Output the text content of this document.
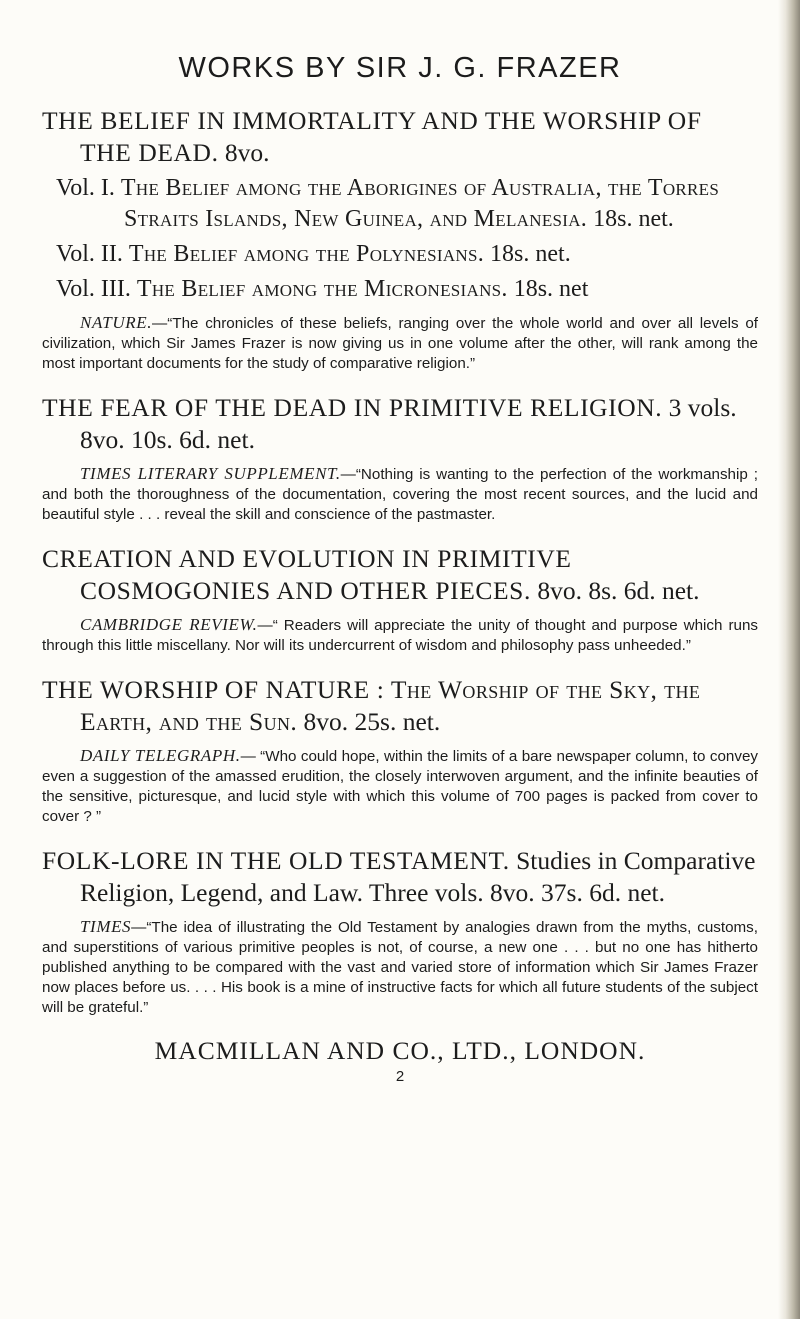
WORKS BY SIR J. G. FRAZER

THE BELIEF IN IMMORTALITY AND THE WORSHIP OF THE DEAD. 8vo.

Vol. I. The Belief among the Aborigines of Australia, the Torres Straits Islands, New Guinea, and Melanesia. 18s. net.

Vol. II. The Belief among the Polynesians. 18s. net.

Vol. III. The Belief among the Micronesians. 18s. net

NATURE.—“The chronicles of these beliefs, ranging over the whole world and over all levels of civilization, which Sir James Frazer is now giving us in one volume after the other, will rank among the most important documents for the study of comparative religion.”

THE FEAR OF THE DEAD IN PRIMITIVE RELIGION. 3 vols. 8vo. 10s. 6d. net.

TIMES LITERARY SUPPLEMENT.—“Nothing is wanting to the perfection of the workmanship ; and both the thoroughness of the documentation, covering the most recent sources, and the lucid and beautiful style . . . reveal the skill and conscience of the pastmaster.

CREATION AND EVOLUTION IN PRIMITIVE COSMOGONIES AND OTHER PIECES. 8vo. 8s. 6d. net.

CAMBRIDGE REVIEW.—“ Readers will appreciate the unity of thought and purpose which runs through this little miscellany. Nor will its undercurrent of wisdom and philosophy pass unheeded.”

THE WORSHIP OF NATURE : The Worship of the Sky, the Earth, and the Sun. 8vo. 25s. net.

DAILY TELEGRAPH.— “Who could hope, within the limits of a bare newspaper column, to convey even a suggestion of the amassed erudition, the closely interwoven argument, and the infinite beauties of the sensitive, picturesque, and lucid style with which this volume of 700 pages is packed from cover to cover ? ”

FOLK-LORE IN THE OLD TESTAMENT. Studies in Comparative Religion, Legend, and Law. Three vols. 8vo. 37s. 6d. net.

TIMES—“The idea of illustrating the Old Testament by analogies drawn from the myths, customs, and superstitions of various primitive peoples is not, of course, a new one . . . but no one has hitherto published anything to be compared with the vast and varied store of information which Sir James Frazer now places before us. . . . His book is a mine of instructive facts for which all future students of the subject will be grateful.”

MACMILLAN AND CO., LTD., LONDON.

2
